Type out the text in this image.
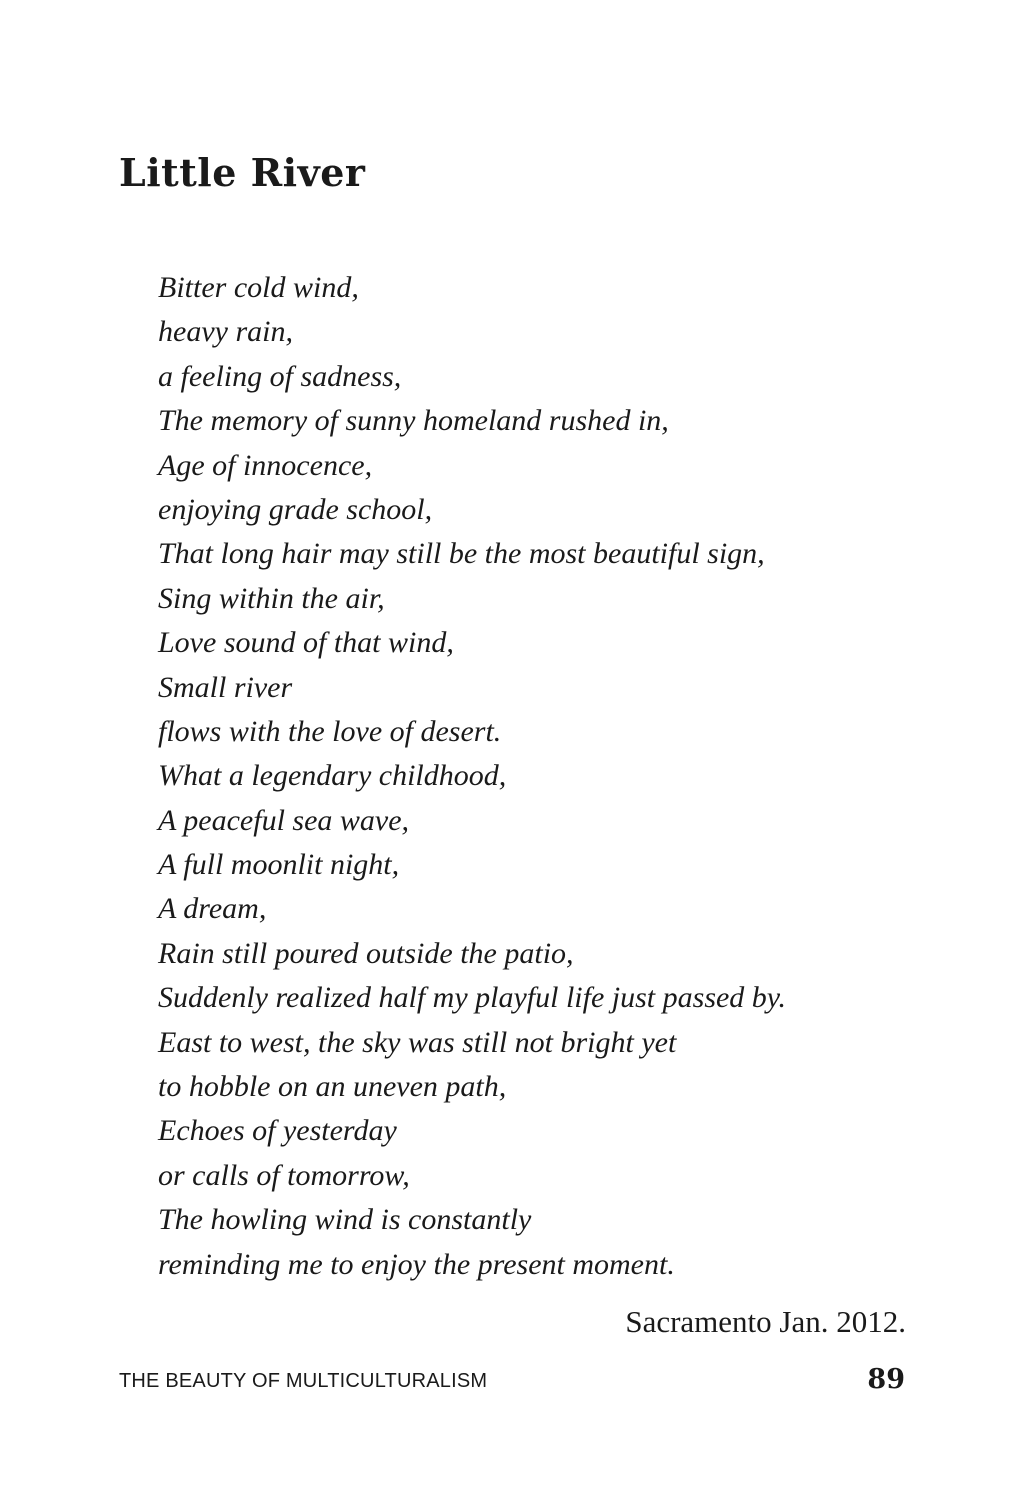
Little River
Bitter cold wind,
heavy rain,
a feeling of sadness,
The memory of sunny homeland rushed in,
Age of innocence,
enjoying grade school,
That long hair may still be the most beautiful sign,
Sing within the air,
Love sound of that wind,
Small river
flows with the love of desert.
What a legendary childhood,
A peaceful sea wave,
A full moonlit night,
A dream,
Rain still poured outside the patio,
Suddenly realized half my playful life just passed by.
East to west, the sky was still not bright yet
to hobble on an uneven path,
Echoes of yesterday
or calls of tomorrow,
The howling wind is constantly
reminding me to enjoy the present moment.

Sacramento Jan. 2012.

THE BEAUTY OF MULTICULTURALISM	89
